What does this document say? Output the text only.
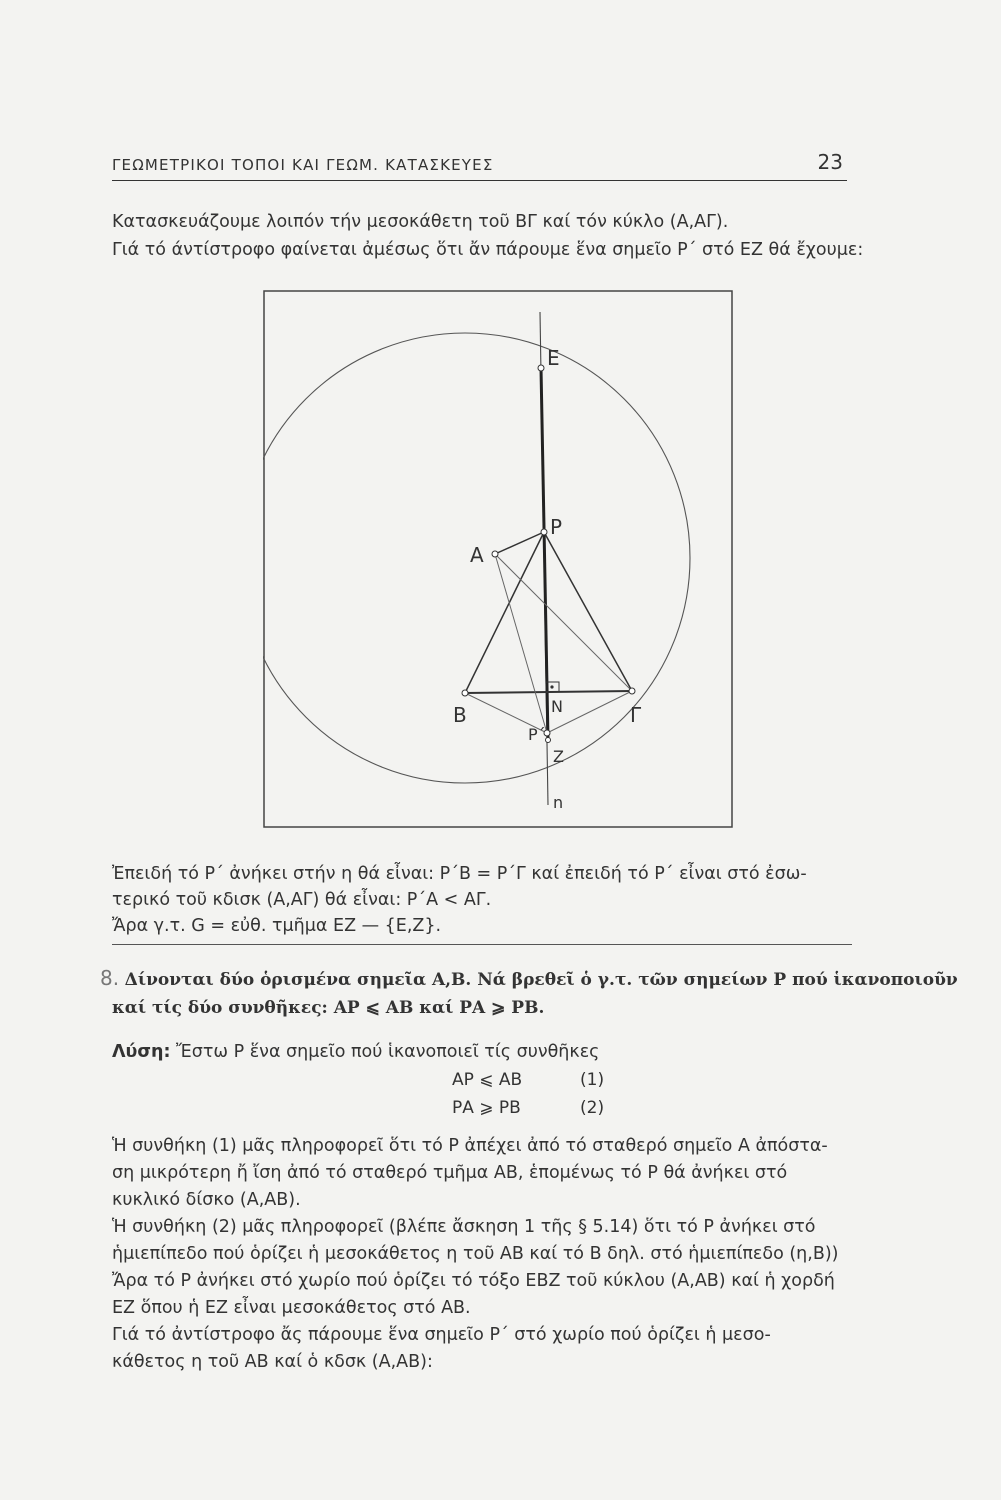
ΓΕΩΜΕΤΡΙΚΟΙ ΤΟΠΟΙ ΚΑΙ ΓΕΩΜ. ΚΑΤΑΣΚΕΥΕΣ	23
Κατασκευάζουμε λοιπόν τήν μεσοκάθετη τοῦ ΒΓ καί τόν κύκλο (Α,ΑΓ).
Γιά τό άντίστροφο φαίνεται ἀμέσως ὅτι ἄν πάρουμε ἕνα σημεῖο Ρ΄ στό ΕΖ θά ἔχουμε:
E
P
A
B	N	Γ
P΄
Z
n
Ἐπειδή τό Ρ΄ ἀνήκει στήν η θά εἶναι: Ρ΄Β = Ρ΄Γ καί ἐπειδή τό Ρ΄ εἶναι στό ἐσω-
τερικό τοῦ κδισκ (Α,ΑΓ) θά εἶναι: Ρ΄Α < ΑΓ.
Ἄρα γ.τ. G = εὐθ. τμῆμα ΕΖ — {Ε,Ζ}.
8. Δίνονται δύο ὁρισμένα σημεῖα Α,Β. Νά βρεθεῖ ὁ γ.τ. τῶν σημείων Ρ πού ἱκανοποιοῦν
καί τίς δύο συνθῆκες: ΑΡ ⩽ ΑΒ καί ΡΑ ⩾ ΡΒ.
Λύση: Ἔστω Ρ ἕνα σημεῖο πού ἱκανοποιεῖ τίς συνθῆκες
ΑΡ ⩽ ΑΒ	(1)
ΡΑ ⩾ ΡΒ	(2)
Ἡ συνθήκη (1) μᾶς πληροφορεῖ ὅτι τό Ρ ἀπέχει ἀπό τό σταθερό σημεῖο Α ἀπόστα-
ση μικρότερη ἤ ἴση ἀπό τό σταθερό τμῆμα ΑΒ, ἑπομένως τό Ρ θά ἀνήκει στό
κυκλικό δίσκο (Α,ΑΒ).
Ἡ συνθήκη (2) μᾶς πληροφορεῖ (βλέπε ἄσκηση 1 τῆς § 5.14) ὅτι τό Ρ ἀνήκει στό
ἡμιεπίπεδο πού ὁρίζει ἡ μεσοκάθετος η τοῦ ΑΒ καί τό Β δηλ. στό ἡμιεπίπεδο (η,Β))
Ἄρα τό Ρ ἀνήκει στό χωρίο πού ὁρίζει τό τόξο ΕΒΖ τοῦ κύκλου (Α,ΑΒ) καί ἡ χορδή
ΕΖ ὅπου ἡ ΕΖ εἶναι μεσοκάθετος στό ΑΒ.
Γιά τό ἀντίστροφο ἄς πάρουμε ἕνα σημεῖο Ρ΄ στό χωρίο πού ὁρίζει ἡ μεσο-
κάθετος η τοῦ ΑΒ καί ὁ κδσκ (Α,ΑΒ):
